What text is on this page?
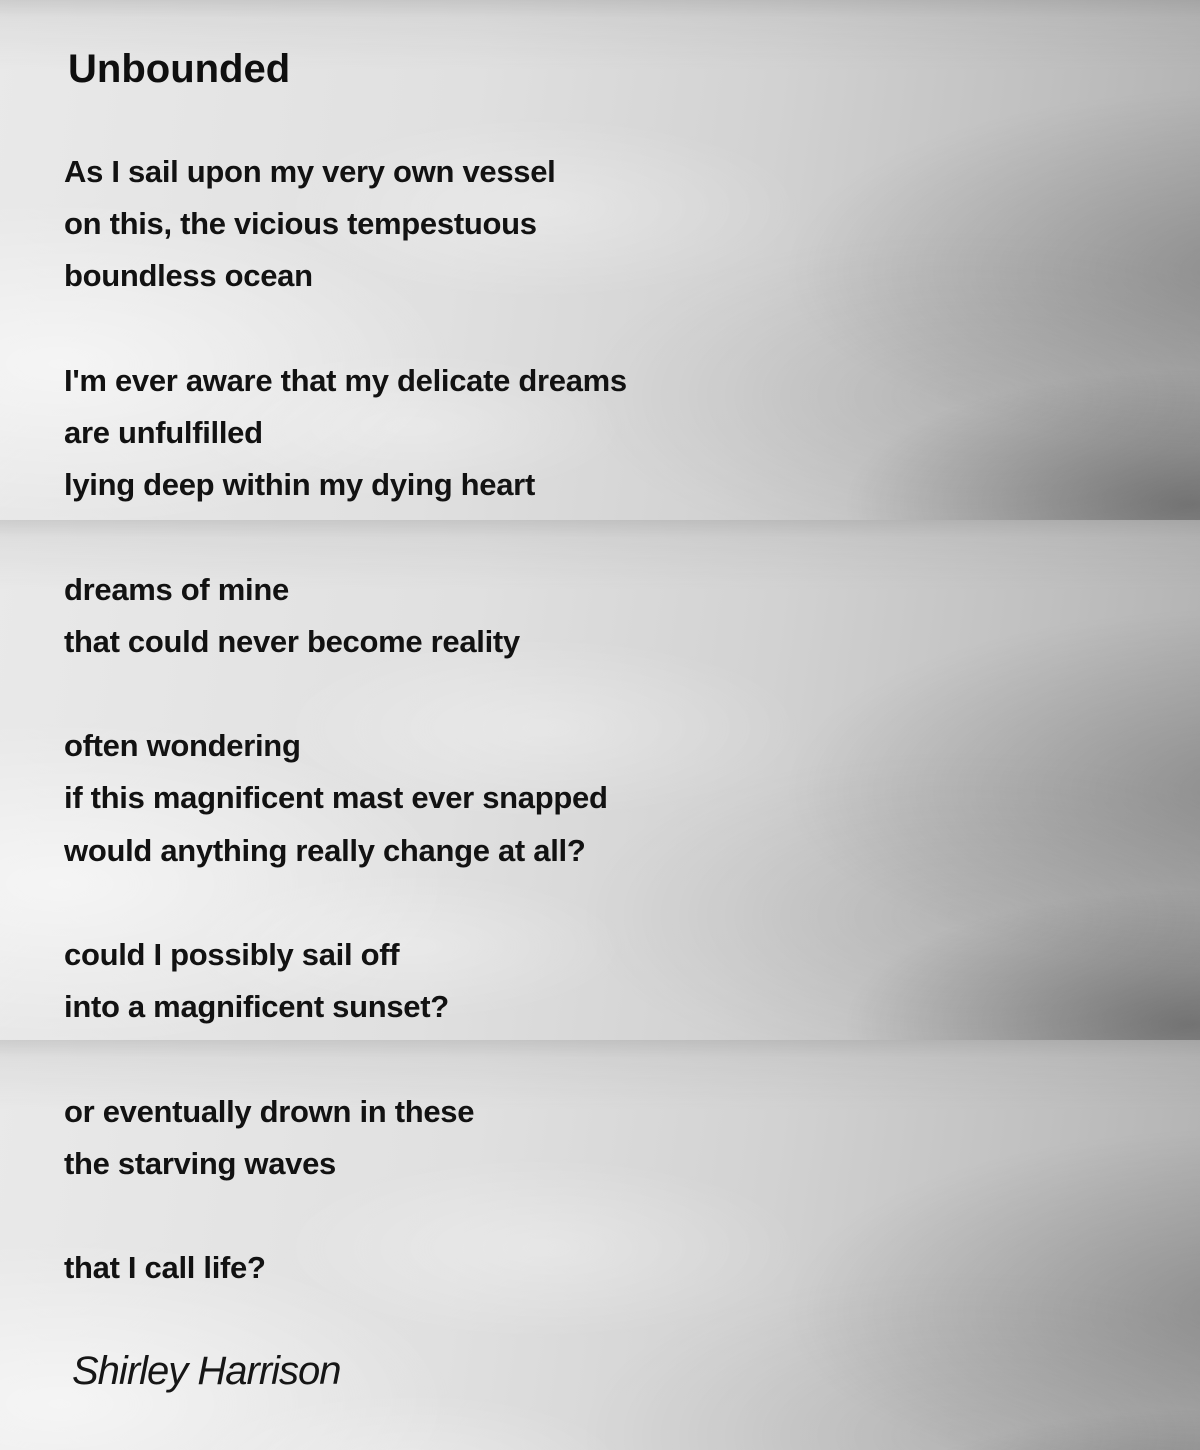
Unbounded

As I sail upon my very own vessel

on this, the vicious tempestuous

boundless ocean

I'm ever aware that my delicate dreams

are unfulfilled

lying deep within my dying heart

dreams of mine

that could never become reality

often wondering

if this magnificent mast ever snapped

would anything really change at all?

could I possibly sail off

into a magnificent sunset?

or eventually drown in these

the starving waves

that I call life?

Shirley Harrison
